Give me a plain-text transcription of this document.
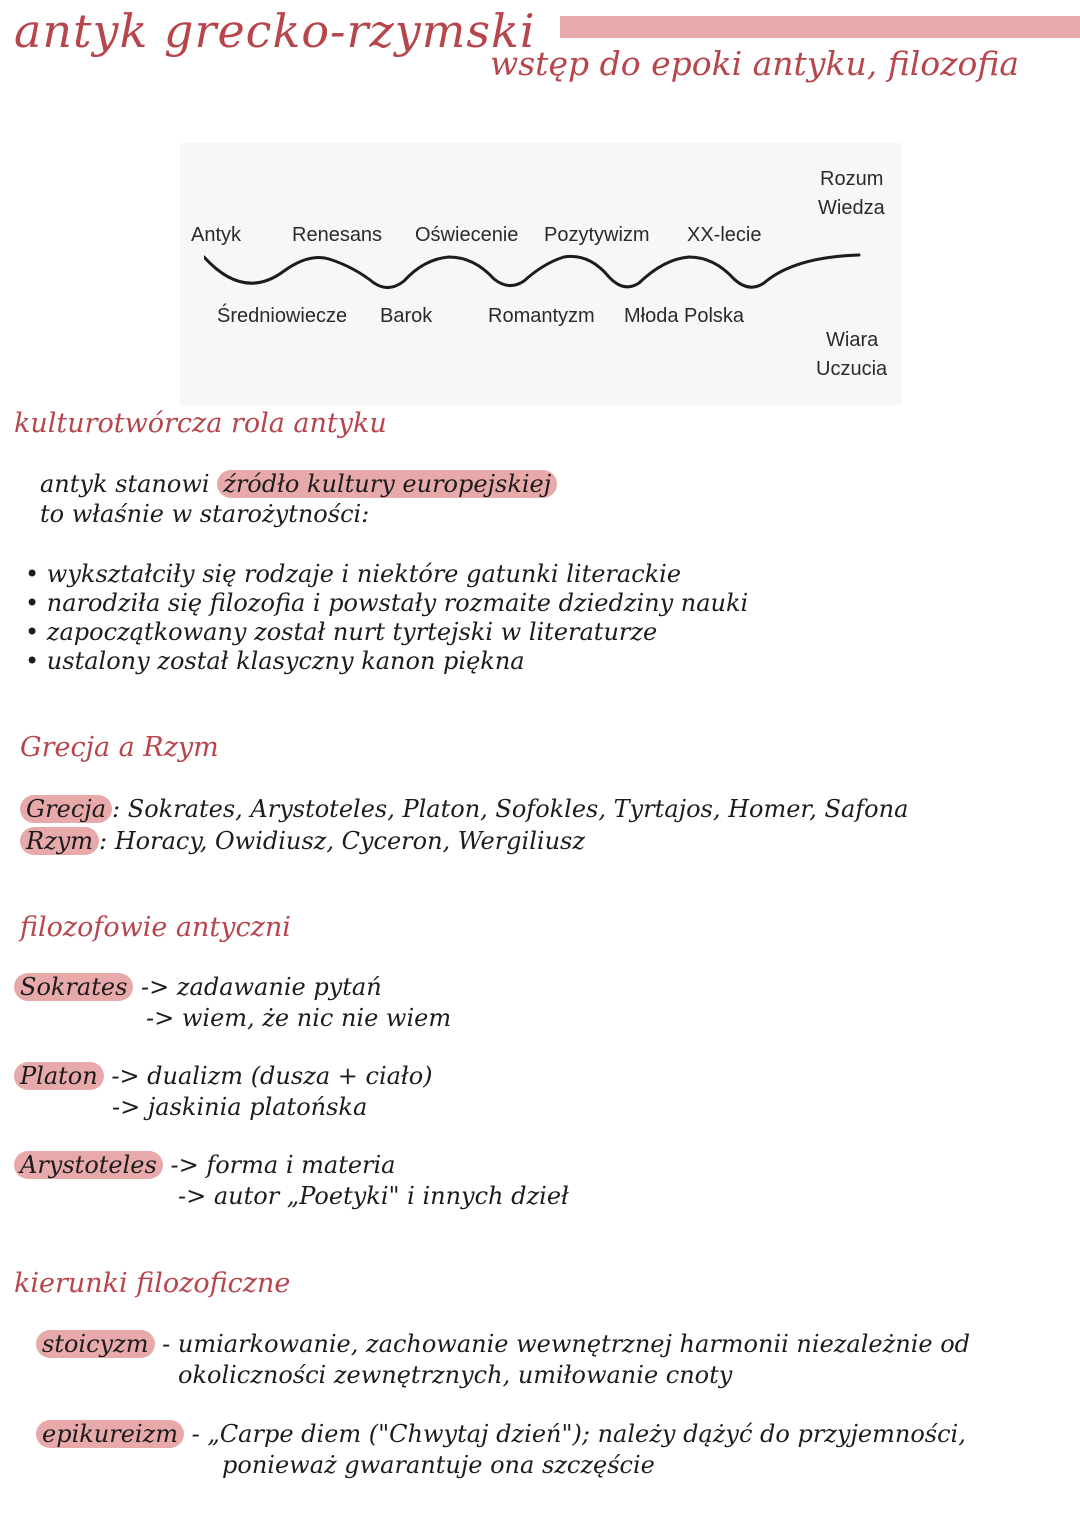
antyk grecko-rzymski
wstęp do epoki antyku, filozofia
Antyk	Renesans Oświecenie Pozytywizm XX-lecie
Średniowiecze Barok	Romantyzm Młoda Polska
Rozum
Wiedza
Wiara
Uczucia
kulturotwórcza rola antyku
antyk stanowi źródło kultury europejskiej
to właśnie w starożytności:
• wykształciły się rodzaje i niektóre gatunki literackie
• narodziła się filozofia i powstały rozmaite dziedziny nauki
• zapoczątkowany został nurt tyrtejski w literaturze
• ustalony został klasyczny kanon piękna
Grecja a Rzym
Grecja : Sokrates, Arystoteles, Platon, Sofokles, Tyrtajos, Homer, Safona
Rzym : Horacy, Owidiusz, Cyceron, Wergiliusz
filozofowie antyczni
Sokrates -> zadawanie pytań
-> wiem, że nic nie wiem
Platon -> dualizm (dusza + ciało)
-> jaskinia platońska
Arystoteles -> forma i materia
-> autor „Poetyki" i innych dzieł
kierunki filozoficzne
stoicyzm - umiarkowanie, zachowanie wewnętrznej harmonii niezależnie od
okoliczności zewnętrznych, umiłowanie cnoty
epikureizm - „Carpe diem ("Chwytaj dzień"); należy dążyć do przyjemności,
ponieważ gwarantuje ona szczęście
